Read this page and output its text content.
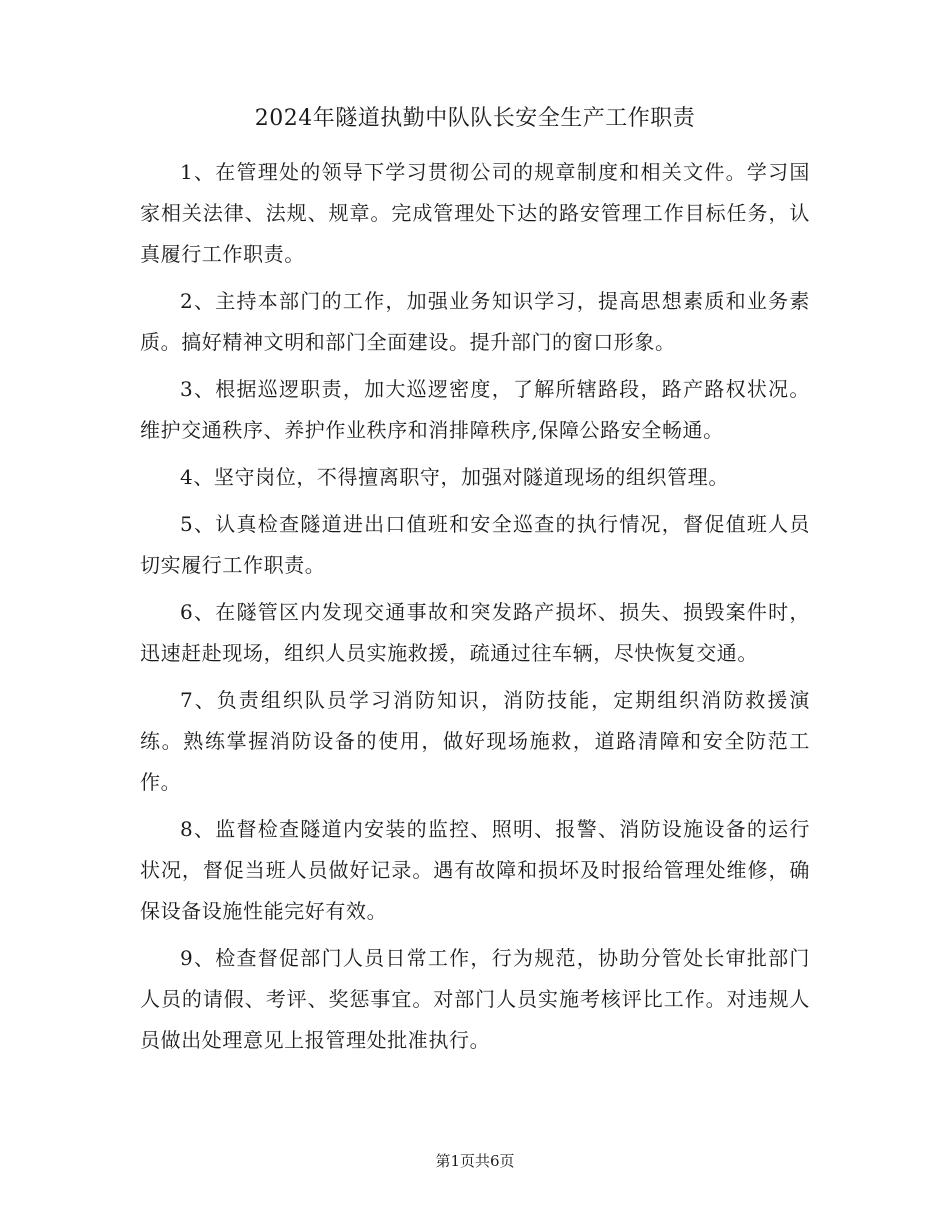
2024年隧道执勤中队队长安全生产工作职责

1、在管理处的领导下学习贯彻公司的规章制度和相关文件。学习国家相关法律、法规、规章。完成管理处下达的路安管理工作目标任务，认真履行工作职责。

2、主持本部门的工作，加强业务知识学习，提高思想素质和业务素质。搞好精神文明和部门全面建设。提升部门的窗口形象。

3、根据巡逻职责，加大巡逻密度，了解所辖路段，路产路权状况。维护交通秩序、养护作业秩序和消排障秩序,保障公路安全畅通。

4、坚守岗位，不得擅离职守，加强对隧道现场的组织管理。

5、认真检查隧道进出口值班和安全巡查的执行情况，督促值班人员切实履行工作职责。

6、在隧管区内发现交通事故和突发路产损坏、损失、损毁案件时，迅速赶赴现场，组织人员实施救援，疏通过往车辆，尽快恢复交通。

7、负责组织队员学习消防知识，消防技能，定期组织消防救援演练。熟练掌握消防设备的使用，做好现场施救，道路清障和安全防范工作。

8、监督检查隧道内安装的监控、照明、报警、消防设施设备的运行状况，督促当班人员做好记录。遇有故障和损坏及时报给管理处维修，确保设备设施性能完好有效。

9、检查督促部门人员日常工作，行为规范，协助分管处长审批部门人员的请假、考评、奖惩事宜。对部门人员实施考核评比工作。对违规人员做出处理意见上报管理处批准执行。

第1页共6页
